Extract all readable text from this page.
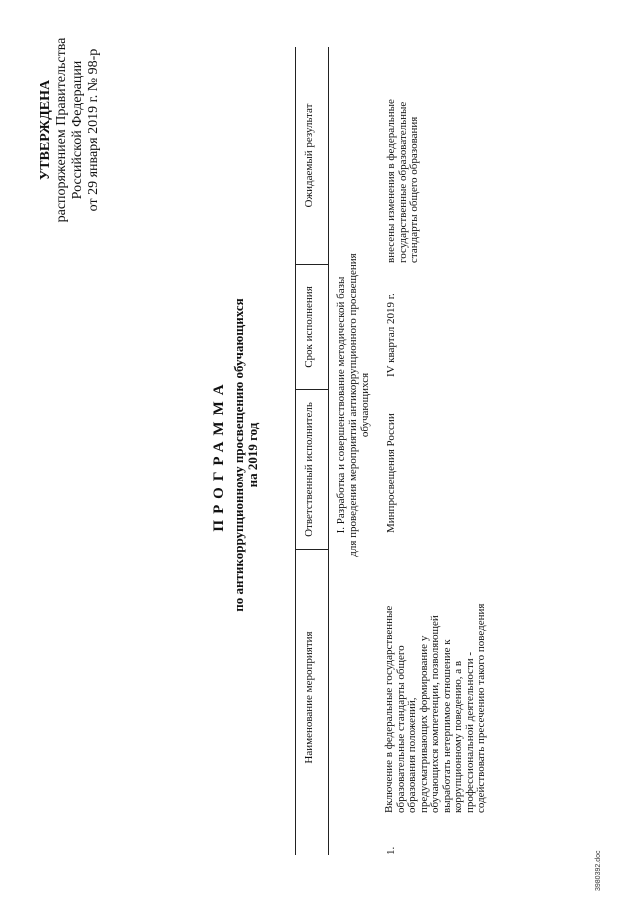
УТВЕРЖДЕНА распоряжением Правительства Российской Федерации от 29 января 2019 г. № 98-р
ПРОГРАММА по антикоррупционному просвещению обучающихся на 2019 год
Наименование мероприятия
Ответственный исполнитель
Срок исполнения
Ожидаемый результат
I. Разработка и совершенствование методической базы для проведения мероприятий антикоррупционного просвещения обучающихся
1.
Включение в федеральные государственные образовательные стандарты общего образования положений, предусматривающих формирование у обучающихся компетенции, позволяющей выработать нетерпимое отношение к коррупционному поведению, а в профессиональной деятельности - содействовать пресечению такого поведения
Минпросвещения России
IV квартал 2019 г.
внесены изменения в федеральные государственные образовательные стандарты общего образования
3980392.doc
